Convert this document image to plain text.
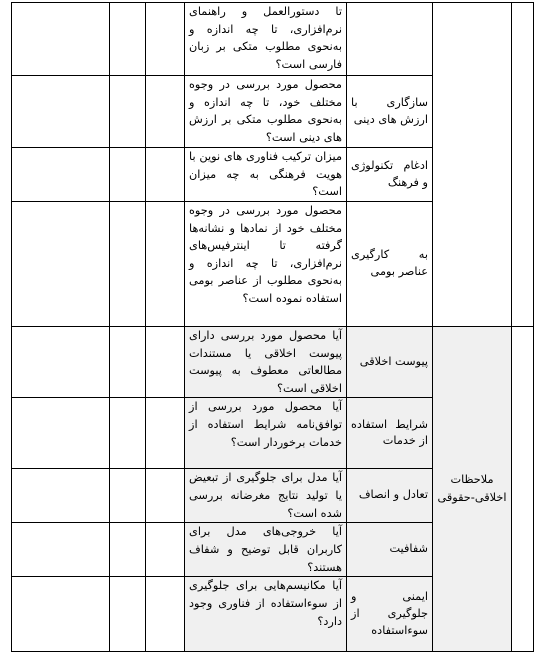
			تا دستورالعمل و راهنمای نرم‌افزاری، تا چه اندازه و به‌نحوی مطلوب متکی بر زبان فارسی است؟			
		سازگاری با ارزش های دینی	محصول مورد بررسی در وجوه مختلف خود، تا چه اندازه و به‌نحوی مطلوب متکی بر ارزش های دینی است؟			
		ادغام تکنولوژی و فرهنگ	میزان ترکیب فناوری های نوین با هویت فرهنگی به چه میزان است؟			
		به کارگیری عناصر بومی	محصول مورد بررسی در وجوه مختلف خود از نمادها و نشانه‌ها گرفته تا اینترفیس‌های نرم‌افزاری، تا چه اندازه و به‌نحوی مطلوب از عناصر بومی استفاده نموده است؟			
	ملاحظات اخلاقی-حقوقی	پیوست اخلاقی	آیا محصول مورد بررسی دارای پیوست اخلاقی یا مستندات مطالعاتی معطوف به پیوست اخلاقی است؟			
		شرایط استفاده از خدمات	آیا محصول مورد بررسی از توافق‌نامه شرایط استفاده از خدمات برخوردار است؟			
		تعادل و انصاف	آیا مدل برای جلوگیری از تبعیض یا تولید نتایج مغرضانه بررسی شده است؟			
		شفافیت	آیا خروجی‌های مدل برای کاربران قابل توضیح و شفاف هستند؟			
		ایمنی و جلوگیری از سوءاستفاده	آیا مکانیسم‌هایی برای جلوگیری از سوءاستفاده از فناوری وجود دارد؟			
